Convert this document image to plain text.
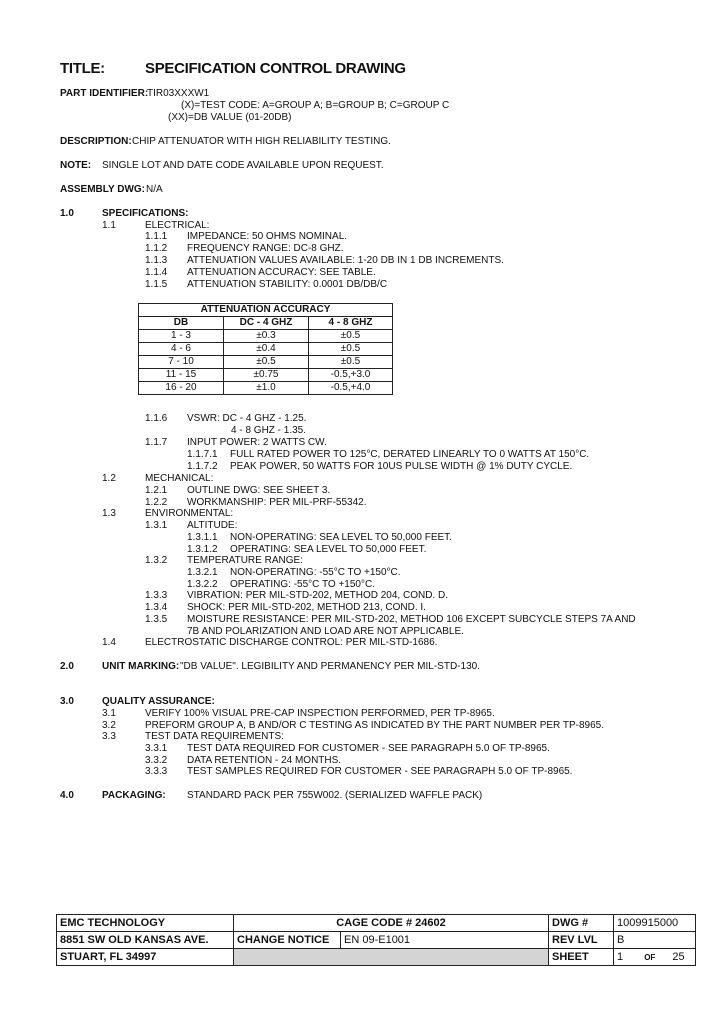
TITLE:	SPECIFICATION CONTROL DRAWING
PART IDENTIFIER:
TIR03XXXW1
(X)=TEST CODE: A=GROUP A; B=GROUP B; C=GROUP C
(XX)=DB VALUE (01-20DB)
DESCRIPTION: CHIP ATTENUATOR WITH HIGH RELIABILITY TESTING.
NOTE: SINGLE LOT AND DATE CODE AVAILABLE UPON REQUEST.
ASSEMBLY DWG: N/A
1.0	SPECIFICATIONS:
1.1	ELECTRICAL:
1.1.1 IMPEDANCE: 50 OHMS NOMINAL.
1.1.2 FREQUENCY RANGE: DC-8 GHZ.
1.1.3 ATTENUATION VALUES AVAILABLE: 1-20 DB IN 1 DB INCREMENTS.
1.1.4 ATTENUATION ACCURACY: SEE TABLE.
1.1.5 ATTENUATION STABILITY: 0.0001 DB/DB/C
ATTENUATION ACCURACY		
DB	DC - 4 GHZ	4 - 8 GHZ
1 - 3	±0.3	±0.5
4 - 6	±0.4	±0.5
7 - 10	±0.5	±0.5
11 - 15	±0.75	-0.5,+3.0
16 - 20	±1.0	-0.5,+4.0
1.1.6 VSWR: DC - 4 GHZ - 1.25.
4 - 8 GHZ - 1.35.
1.1.7 INPUT POWER: 2 WATTS CW.
1.1.7.1 FULL RATED POWER TO 125°C, DERATED LINEARLY TO 0 WATTS AT 150°C.
1.1.7.2 PEAK POWER, 50 WATTS FOR 10US PULSE WIDTH @ 1% DUTY CYCLE.
1.2	MECHANICAL:
1.2.1 OUTLINE DWG: SEE SHEET 3.
1.2.2 WORKMANSHIP: PER MIL-PRF-55342.
1.3	ENVIRONMENTAL:
1.3.1 ALTITUDE:
1.3.1.1 NON-OPERATING: SEA LEVEL TO 50,000 FEET.
1.3.1.2 OPERATING: SEA LEVEL TO 50,000 FEET.
1.3.2 TEMPERATURE RANGE:
1.3.2.1 NON-OPERATING: -55°C TO +150°C.
1.3.2.2 OPERATING: -55°C TO +150°C.
1.3.3 VIBRATION: PER MIL-STD-202, METHOD 204, COND. D.
1.3.4 SHOCK: PER MIL-STD-202, METHOD 213, COND. I.
1.3.5 MOISTURE RESISTANCE: PER MIL-STD-202, METHOD 106 EXCEPT SUBCYCLE STEPS 7A AND
7B AND POLARIZATION AND LOAD ARE NOT APPLICABLE.
1.4	ELECTROSTATIC DISCHARGE CONTROL: PER MIL-STD-1686.
2.0	UNIT MARKING: "DB VALUE". LEGIBILITY AND PERMANENCY PER MIL-STD-130.
3.0	QUALITY ASSURANCE:
3.1	VERIFY 100% VISUAL PRE-CAP INSPECTION PERFORMED, PER TP-8965.
3.2	PREFORM GROUP A, B AND/OR C TESTING AS INDICATED BY THE PART NUMBER PER TP-8965.
3.3	TEST DATA REQUIREMENTS:
3.3.1 TEST DATA REQUIRED FOR CUSTOMER - SEE PARAGRAPH 5.0 OF TP-8965.
3.3.2 DATA RETENTION - 24 MONTHS.
3.3.3 TEST SAMPLES REQUIRED FOR CUSTOMER - SEE PARAGRAPH 5.0 OF TP-8965.
4.0	PACKAGING: STANDARD PACK PER 755W002. (SERIALIZED WAFFLE PACK)
EMC TECHNOLOGY	CAGE CODE # 24602		DWG #	1009915000
8851 SW OLD KANSAS AVE.	CHANGE NOTICE	EN 09-E1001	REV LVL	B
STUART, FL 34997			SHEET	1 OF 25
